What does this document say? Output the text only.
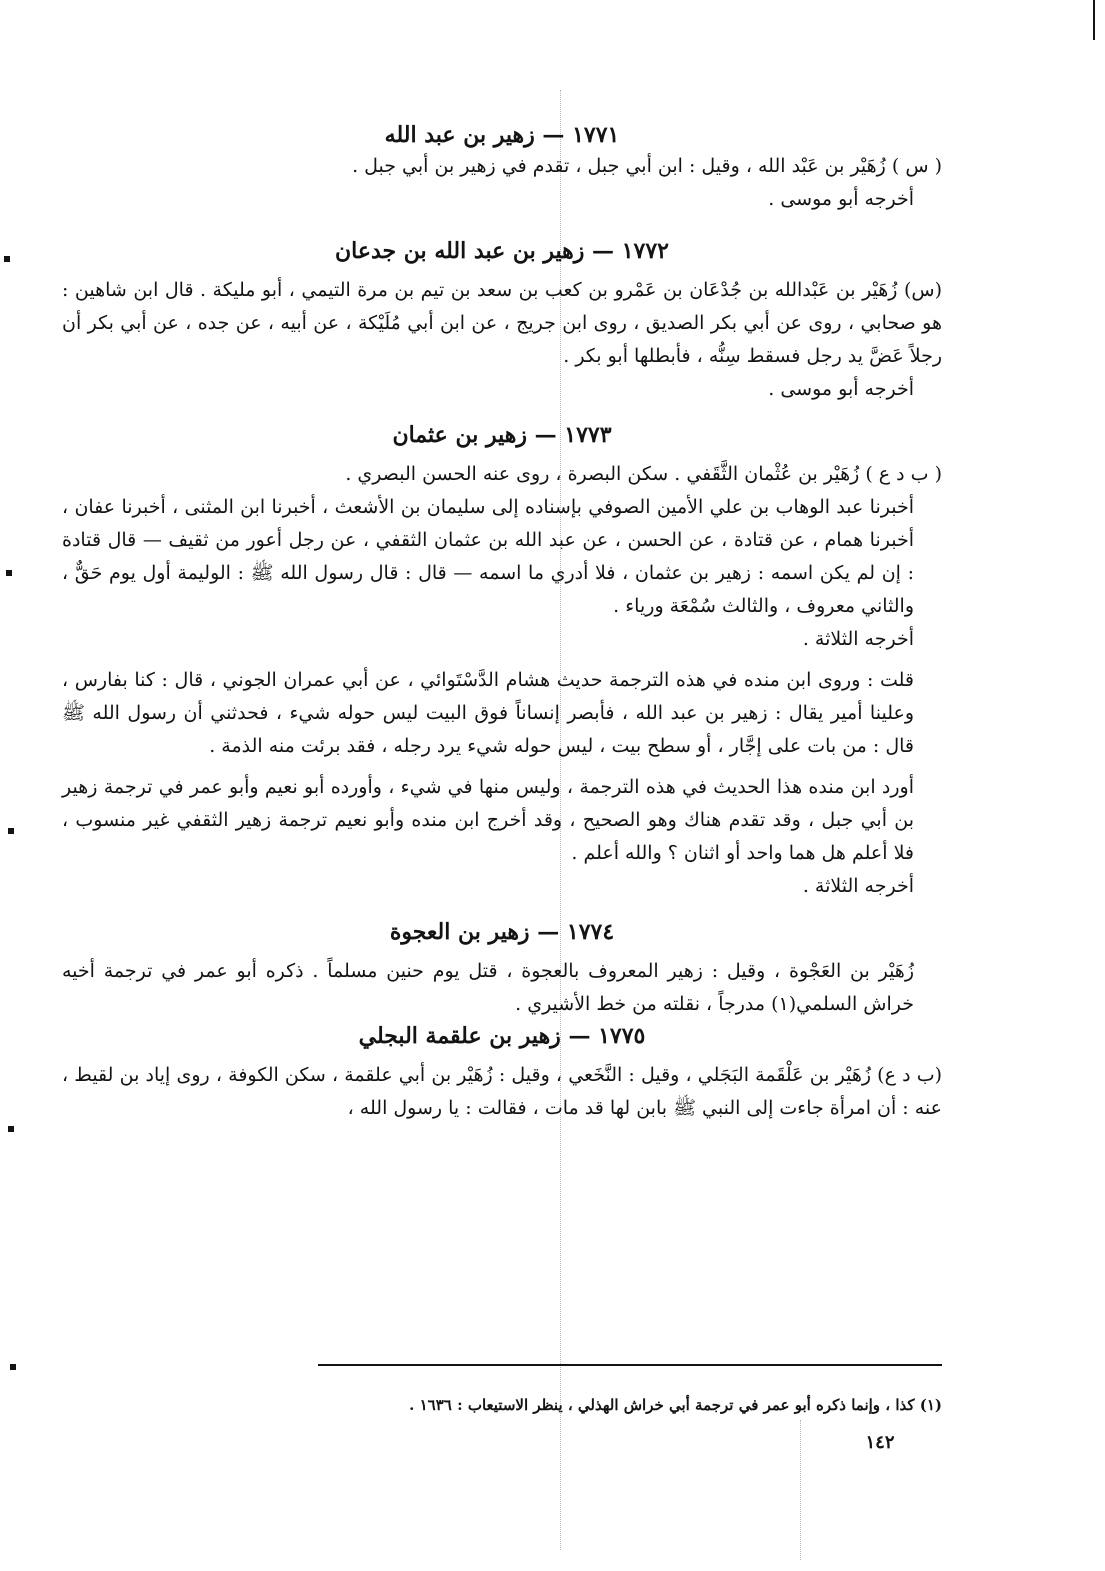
١٧٧١ — زهير بن عبد الله

( س ) زُهَيْر بن عَبْد الله ، وقيل : ابن أبي جبل ، تقدم في زهير بن أبي جبل .

أخرجه أبو موسى .

١٧٧٢ — زهير بن عبد الله بن جدعان

(س) زُهَيْر بن عَبْدالله بن جُدْعَان بن عَمْرو بن كعب بن سعد بن تيم بن مرة التيمي ، أبو مليكة . قال ابن شاهين : هو صحابي ، روى عن أبي بكر الصديق ، روى ابن جريج ، عن ابن أبي مُلَيْكة ، عن أبيه ، عن جده ، عن أبي بكر أن رجلاً عَضَّ يد رجل فسقط سِنُّه ، فأبطلها أبو بكر .

أخرجه أبو موسى .

١٧٧٣ — زهير بن عثمان

( ب د ع ) زُهَيْر بن عُثْمان الثَّقَفي . سكن البصرة ، روى عنه الحسن البصري .

أخبرنا عبد الوهاب بن علي الأمين الصوفي بإسناده إلى سليمان بن الأشعث ، أخبرنا ابن المثنى ، أخبرنا عفان ، أخبرنا همام ، عن قتادة ، عن الحسن ، عن عبد الله بن عثمان الثقفي ، عن رجل أعور من ثقيف — قال قتادة : إن لم يكن اسمه : زهير بن عثمان ، فلا أدري ما اسمه — قال : قال رسول الله ﷺ : الوليمة أول يوم حَقٌّ ، والثاني معروف ، والثالث سُمْعَة ورياء .

أخرجه الثلاثة .

قلت : وروى ابن منده في هذه الترجمة حديث هشام الدَّسْتَوائي ، عن أبي عمران الجوني ، قال : كنا بفارس ، وعلينا أمير يقال : زهير بن عبد الله ، فأبصر إنساناً فوق البيت ليس حوله شيء ، فحدثني أن رسول الله ﷺ قال : من بات على إجَّار ، أو سطح بيت ، ليس حوله شيء يرد رجله ، فقد برئت منه الذمة .

أورد ابن منده هذا الحديث في هذه الترجمة ، وليس منها في شيء ، وأورده أبو نعيم وأبو عمر في ترجمة زهير بن أبي جبل ، وقد تقدم هناك وهو الصحيح ، وقد أخرج ابن منده وأبو نعيم ترجمة زهير الثقفي غير منسوب ، فلا أعلم هل هما واحد أو اثنان ؟ والله أعلم .

أخرجه الثلاثة .

١٧٧٤ — زهير بن العجوة

زُهَيْر بن العَجْوة ، وقيل : زهير المعروف بالعجوة ، قتل يوم حنين مسلماً . ذكره أبو عمر في ترجمة أخيه خراش السلمي(١) مدرجاً ، نقلته من خط الأشيري .

١٧٧٥ — زهير بن علقمة البجلي

(ب د ع) زُهَيْر بن عَلْقَمة البَجَلي ، وقيل : النَّخَعي ، وقيل : زُهَيْر بن أبي علقمة ، سكن الكوفة ، روى إياد بن لقيط ، عنه : أن امرأة جاءت إلى النبي ﷺ بابن لها قد مات ، فقالت : يا رسول الله ،

(١) كذا ، وإنما ذكره أبو عمر في ترجمة أبي خراش الهذلي ، ينظر الاستيعاب : ١٦٣٦ .

١٤٢
